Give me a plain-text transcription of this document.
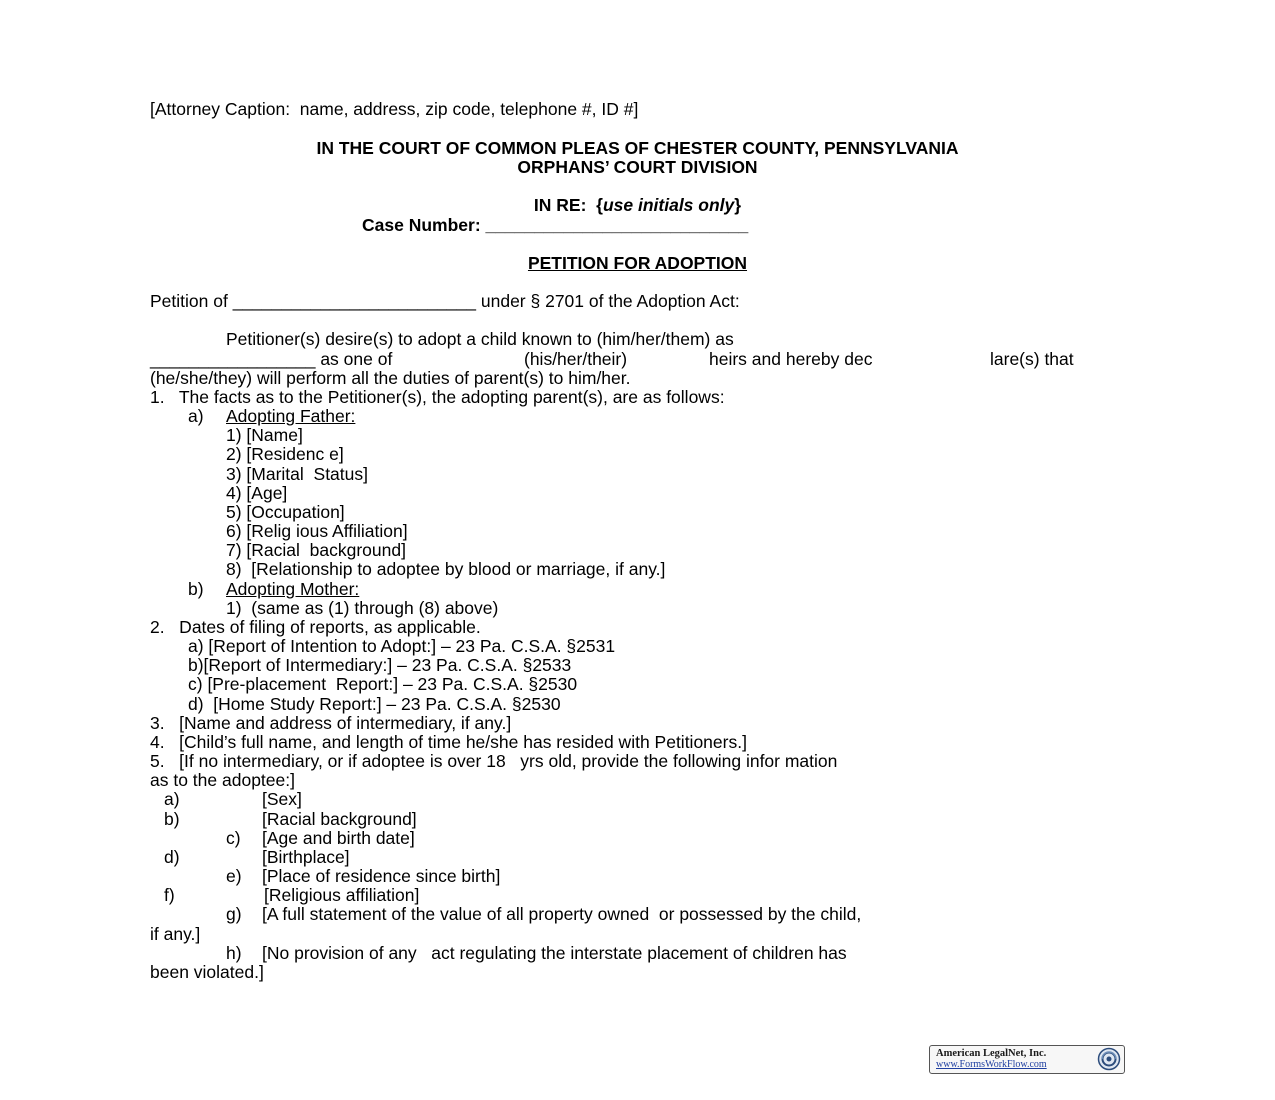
[Attorney Caption:  name, address, zip code, telephone #, ID #]
IN THE COURT OF COMMON PLEAS OF CHESTER COUNTY, PENNSYLVANIA
ORPHANS’ COURT DIVISION
IN RE:  {use initials only}
Case Number: ___________________________
PETITION FOR ADOPTION
Petition of _________________________ under § 2701 of the Adoption Act:
Petitioner(s) desire(s) to adopt a child known to (him/her/them) as
_________________ as one of	(his/her/their)	heirs and hereby dec	lare(s) that
(he/she/they) will perform all the duties of parent(s) to him/her.
1.   The facts as to the Petitioner(s), the adopting parent(s), are as follows:
a) Adopting Father:
1) [Name]
2) [Residenc e]
3) [Marital  Status]
4) [Age]
5) [Occupation]
6) [Relig ious Affiliation]
7) [Racial  background]
8)  [Relationship to adoptee by blood or marriage, if any.]
b) Adopting Mother:
1)  (same as (1) through (8) above)
2.   Dates of filing of reports, as applicable.
a) [Report of Intention to Adopt:] – 23 Pa. C.S.A. §2531
b)[Report of Intermediary:] – 23 Pa. C.S.A. §2533
c) [Pre-placement  Report:] – 23 Pa. C.S.A. §2530
d)  [Home Study Report:] – 23 Pa. C.S.A. §2530
3.   [Name and address of intermediary, if any.]
4.   [Child’s full name, and length of time he/she has resided with Petitioners.]
5.   [If no intermediary, or if adoptee is over 18   yrs old, provide the following infor mation
as to the adoptee:]
a)	[Sex]
b)	[Racial background]
c) [Age and birth date]
d)	[Birthplace]
e) [Place of residence since birth]
f)	[Religious affiliation]
g) [A full statement of the value of all property owned  or possessed by the child,
if any.]
h) [No provision of any   act regulating the interstate placement of children has
been violated.]
American LegalNet, Inc.
www.FormsWorkFlow.com
